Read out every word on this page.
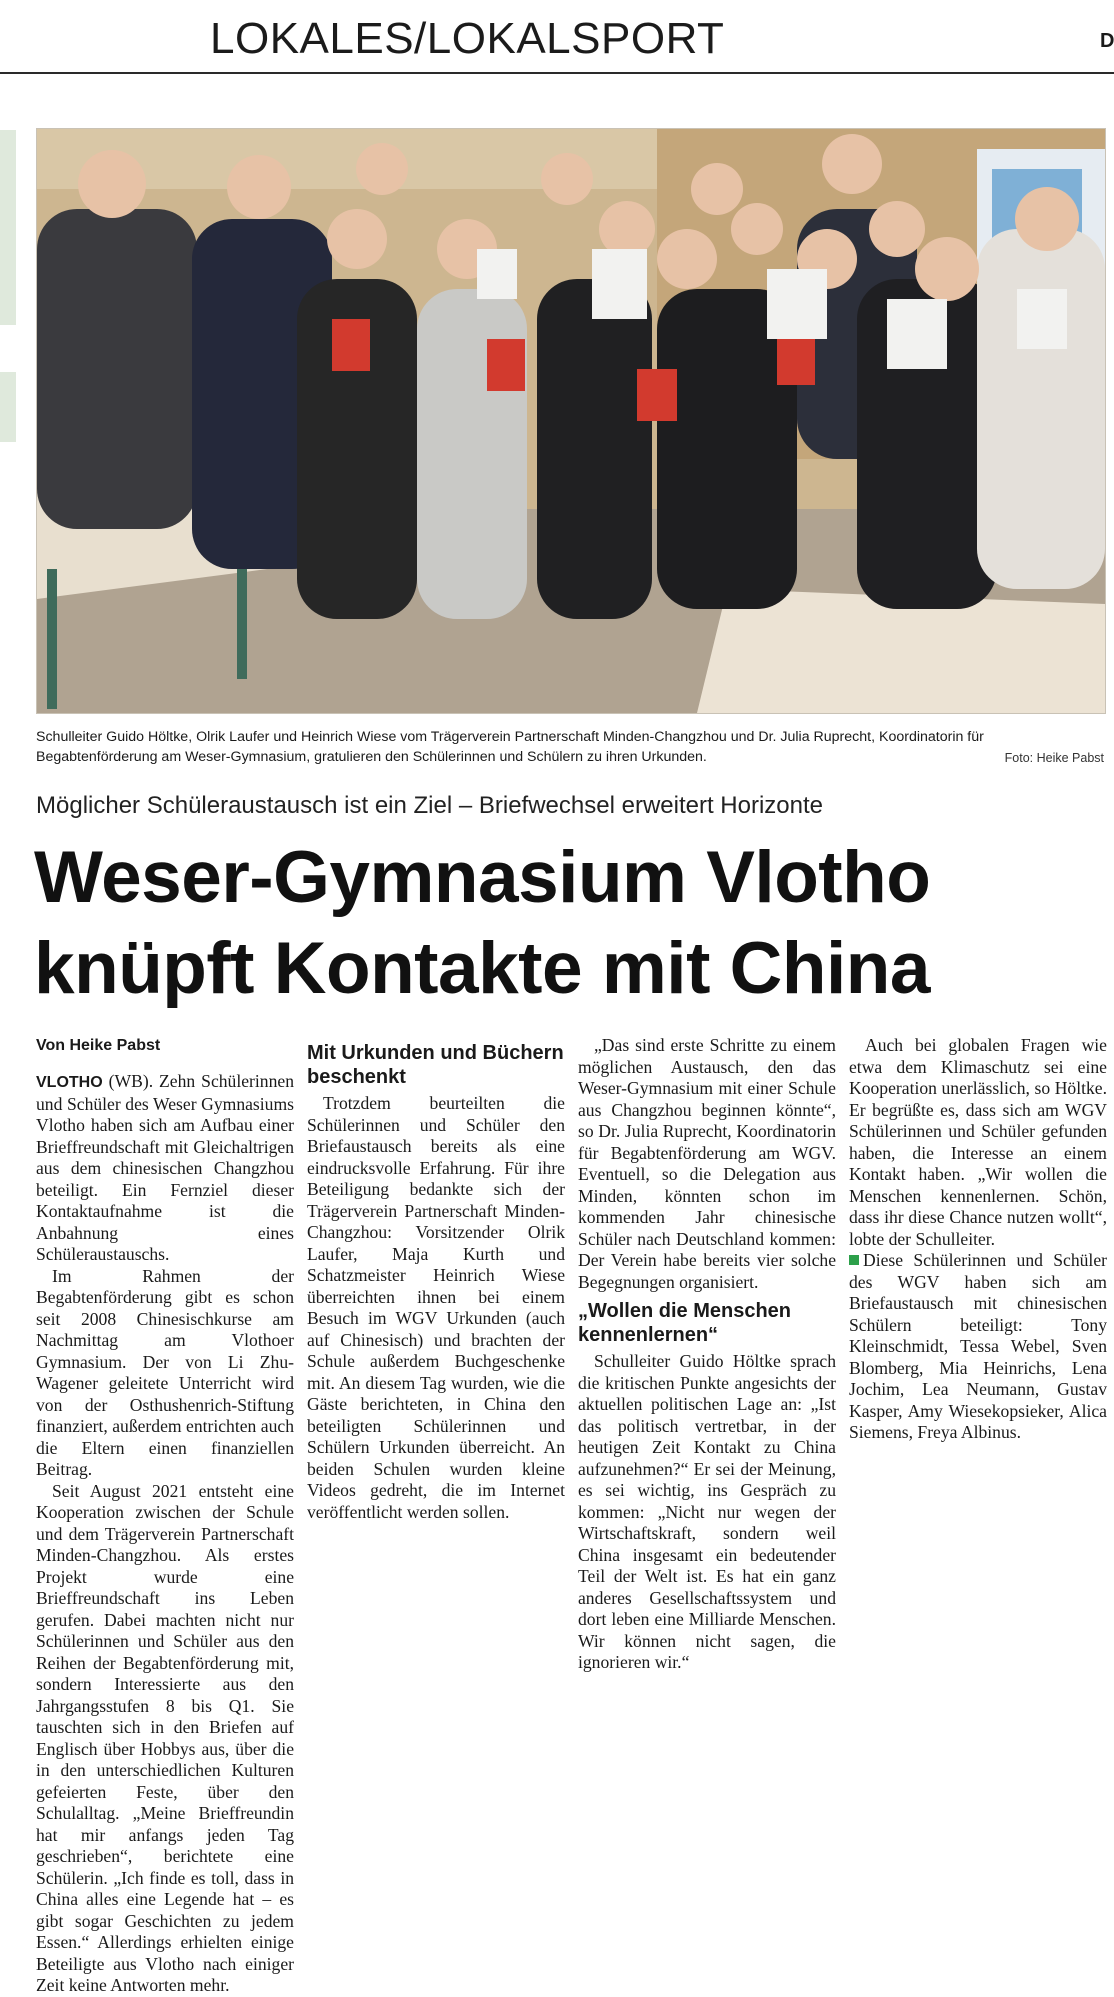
LOKALES/LOKALSPORT	D
Schulleiter Guido Höltke, Olrik Laufer und Heinrich Wiese vom Trägerverein Partnerschaft Minden-Changzhou und Dr. Julia Ruprecht, Koordinatorin für Begabtenförderung am Weser-Gymnasium, gratulieren den Schülerinnen und Schülern zu ihren Urkunden.	Foto: Heike Pabst
Möglicher Schüleraustausch ist ein Ziel – Briefwechsel erweitert Horizonte
Weser-Gymnasium Vlotho
knüpft Kontakte mit China
Von Heike Pabst

VLOTHO (WB). Zehn Schülerinnen und Schüler des Weser Gymnasiums Vlotho haben sich am Aufbau einer Brieffreundschaft mit Gleichaltrigen aus dem chinesischen Changzhou beteiligt. Ein Fernziel dieser Kontaktaufnahme ist die Anbahnung eines Schüleraustauschs.

Im Rahmen der Begabtenförderung gibt es schon seit 2008 Chinesischkurse am Nachmittag am Vlothoer Gymnasium. Der von Li Zhu-Wagener geleitete Unterricht wird von der Osthushenrich-Stiftung finanziert, außerdem entrichten auch die Eltern einen finanziellen Beitrag.

Seit August 2021 entsteht eine Kooperation zwischen der Schule und dem Trägerverein Partnerschaft Minden-Changzhou. Als erstes Projekt wurde eine Brieffreundschaft ins Leben gerufen. Dabei machten nicht nur Schülerinnen und Schüler aus den Reihen der Begabtenförderung mit, sondern Interessierte aus den Jahrgangsstufen 8 bis Q1. Sie tauschten sich in den Briefen auf Englisch über Hobbys aus, über die in den unterschiedlichen Kulturen gefeierten Feste, über den Schulalltag. „Meine Brieffreundin hat mir anfangs jeden Tag geschrieben“, berichtete eine Schülerin. „Ich finde es toll, dass in China alles eine Legende hat – es gibt sogar Geschichten zu jedem Essen.“ Allerdings erhielten einige Beteiligte aus Vlotho nach einiger Zeit keine Antworten mehr.

Mit Urkunden und Büchern beschenkt

Trotzdem beurteilten die Schülerinnen und Schüler den Briefaustausch bereits als eine eindrucksvolle Erfahrung. Für ihre Beteiligung bedankte sich der Trägerverein Partnerschaft Minden-Changzhou: Vorsitzender Olrik Laufer, Maja Kurth und Schatzmeister Heinrich Wiese überreichten ihnen bei einem Besuch im WGV Urkunden (auch auf Chinesisch) und brachten der Schule außerdem Buchgeschenke mit. An diesem Tag wurden, wie die Gäste berichteten, in China den beteiligten Schülerinnen und Schülern Urkunden überreicht. An beiden Schulen wurden kleine Videos gedreht, die im Internet veröffentlicht werden sollen.

„Das sind erste Schritte zu einem möglichen Austausch, den das Weser-Gymnasium mit einer Schule aus Changzhou beginnen könnte“, so Dr. Julia Ruprecht, Koordinatorin für Begabtenförderung am WGV. Eventuell, so die Delegation aus Minden, könnten schon im kommenden Jahr chinesische Schüler nach Deutschland kommen: Der Verein habe bereits vier solche Begegnungen organisiert.

„Wollen die Menschen kennenlernen“

Schulleiter Guido Höltke sprach die kritischen Punkte angesichts der aktuellen politischen Lage an: „Ist das politisch vertretbar, in der heutigen Zeit Kontakt zu China aufzunehmen?“ Er sei der Meinung, es sei wichtig, ins Gespräch zu kommen: „Nicht nur wegen der Wirtschaftskraft, sondern weil China insgesamt ein bedeutender Teil der Welt ist. Es hat ein ganz anderes Gesellschaftssystem und dort leben eine Milliarde Menschen. Wir können nicht sagen, die ignorieren wir.“

Auch bei globalen Fragen wie etwa dem Klimaschutz sei eine Kooperation unerlässlich, so Höltke. Er begrüßte es, dass sich am WGV Schülerinnen und Schüler gefunden haben, die Interesse an einem Kontakt haben. „Wir wollen die Menschen kennenlernen. Schön, dass ihr diese Chance nutzen wollt“, lobte der Schulleiter.

Diese Schülerinnen und Schüler des WGV haben sich am Briefaustausch mit chinesischen Schülern beteiligt: Tony Kleinschmidt, Tessa Webel, Sven Blomberg, Mia Heinrichs, Lena Jochim, Lea Neumann, Gustav Kasper, Amy Wiesekopsieker, Alica Siemens, Freya Albinus.
